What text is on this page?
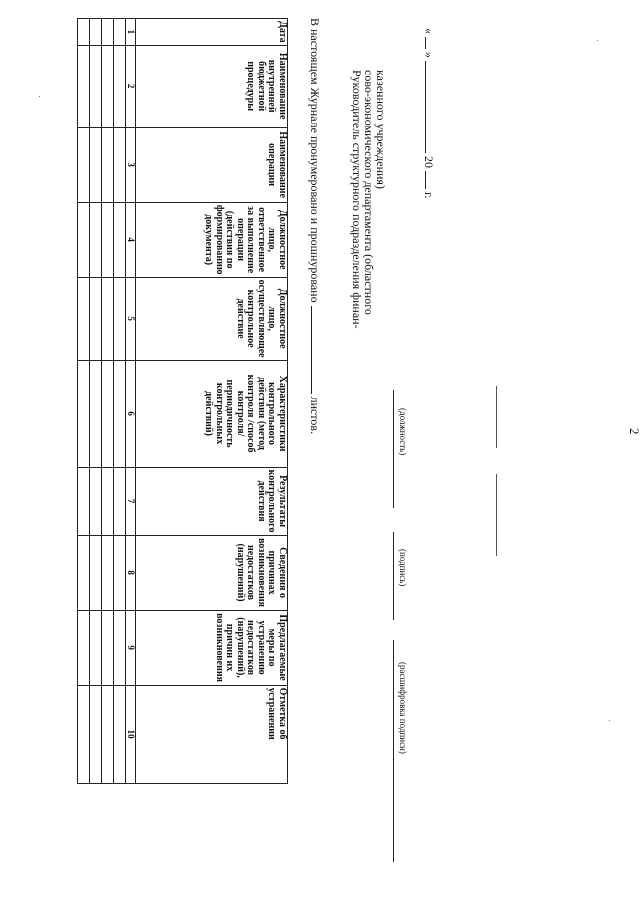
2
Дата	Наименование внутренней бюджетной процедуры	Наименование операции	Должностное лицо, ответственное за выполнение операции (действия по формированию документа)	Должностное лицо, осуществляющее контрольное действие	Характеристики контрольного действия (метод контроля /способ контроля/ периодичность контрольных действий)	Результаты контрольного действия	Сведения о причинах возникновения недостатков (нарушений)	Предлагаемые меры по устранению недостатков (нарушений), причин их возникновения	Отметка об устранении
1	2	3	4	5	6	7	8	9	10

В настоящем Журнале пронумеровано и прошнуровано  листов.
Руководитель структурного подразделения финан-
сово-экономического департамента (областного
казенного учреждения)
(должность)
(подпись)
(расшифровка подписи)
«  »  20  г.
